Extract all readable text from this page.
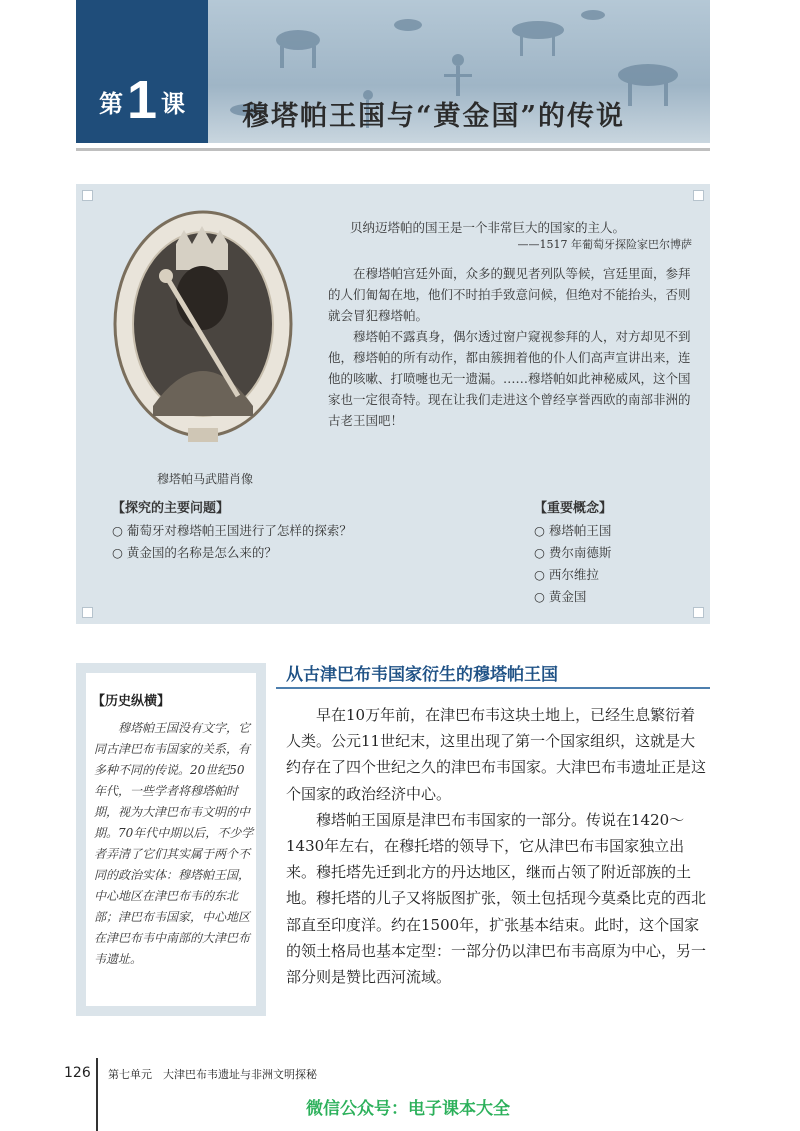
第1 课	穆塔帕王国与“黄金国”的传说
穆塔帕马武腊肖像
贝纳迈塔帕的国王是一个非常巨大的国家的主人。
——1517 年葡萄牙探险家巴尔博萨

在穆塔帕宫廷外面，众多的觐见者列队等候，宫廷里面，参拜的人们匍匐在地，他们不时拍手致意问候，但绝对不能抬头，否则就会冒犯穆塔帕。

穆塔帕不露真身，偶尔透过窗户窥视参拜的人，对方却见不到他，穆塔帕的所有动作，都由簇拥着他的仆人们高声宣讲出来，连他的咳嗽、打喷嚏也无一遗漏。……穆塔帕如此神秘威风，这个国家也一定很奇特。现在让我们走进这个曾经享誉西欧的南部非洲的古老王国吧！

【探究的主要问题】
○ 葡萄牙对穆塔帕王国进行了怎样的探索？
○ 黄金国的名称是怎么来的？
【重要概念】
○ 穆塔帕王国
○ 费尔南德斯
○ 西尔维拉
○ 黄金国
【历史纵横】
穆塔帕王国没有文字，它同古津巴布韦国家的关系，有多种不同的传说。20世纪50年代，一些学者将穆塔帕时期，视为大津巴布韦文明的中期。70年代中期以后，不少学者弄清了它们其实属于两个不同的政治实体：穆塔帕王国，中心地区在津巴布韦的东北部；津巴布韦国家，中心地区在津巴布韦中南部的大津巴布韦遗址。
从古津巴布韦国家衍生的穆塔帕王国

早在10万年前，在津巴布韦这块土地上，已经生息繁衍着人类。公元11世纪末，这里出现了第一个国家组织，这就是大约存在了四个世纪之久的津巴布韦国家。大津巴布韦遗址正是这个国家的政治经济中心。

穆塔帕王国原是津巴布韦国家的一部分。传说在1420～1430年左右，在穆托塔的领导下，它从津巴布韦国家独立出来。穆托塔先迁到北方的丹达地区，继而占领了附近部族的土地。穆托塔的儿子又将版图扩张，领土包括现今莫桑比克的西北部直至印度洋。约在1500年，扩张基本结束。此时，这个国家的领土格局也基本定型：一部分仍以津巴布韦高原为中心，另一部分则是赞比西河流域。

126 第七单元　大津巴布韦遗址与非洲文明探秘
微信公众号：电子课本大全
